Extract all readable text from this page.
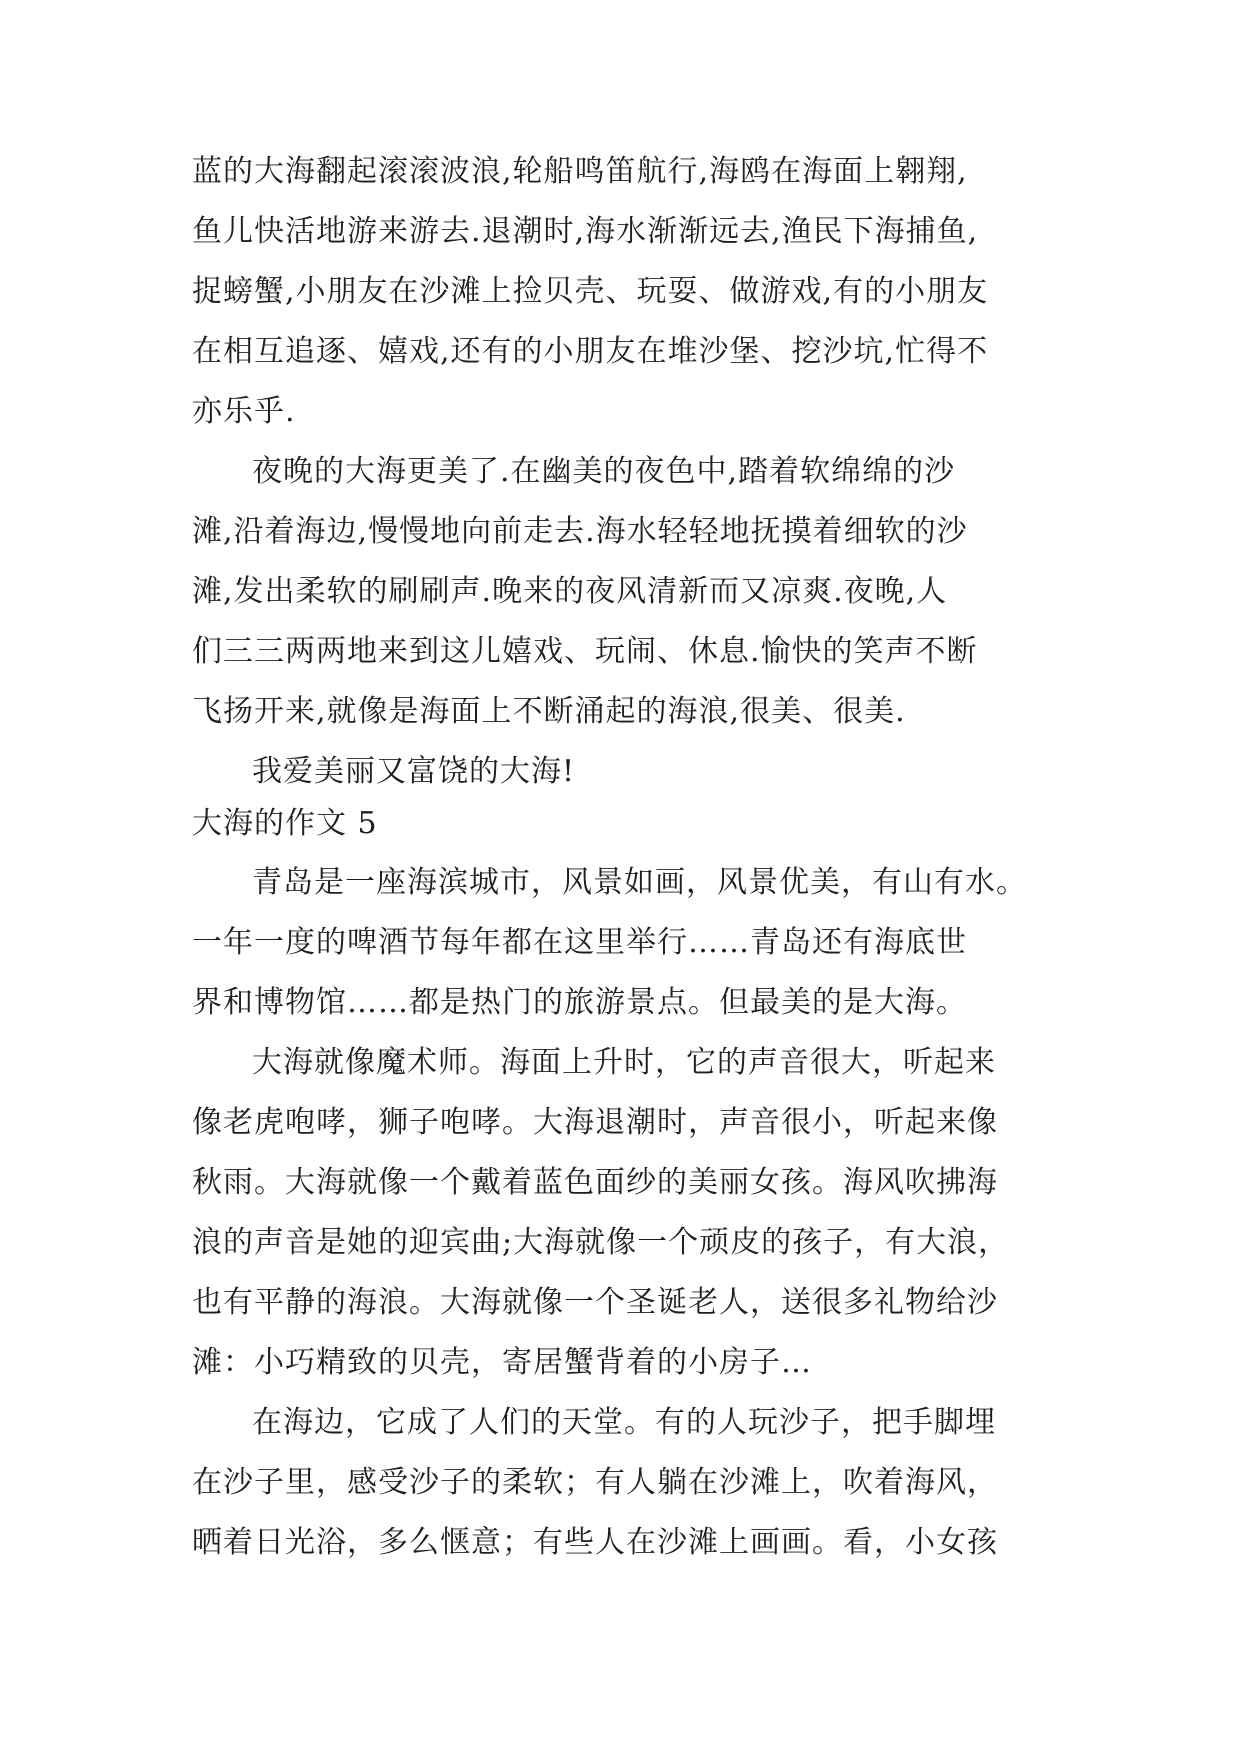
蓝的大海翻起滚滚波浪,轮船鸣笛航行,海鸥在海面上翱翔,
鱼儿快活地游来游去.退潮时,海水渐渐远去,渔民下海捕鱼,
捉螃蟹,小朋友在沙滩上捡贝壳、玩耍、做游戏,有的小朋友
在相互追逐、嬉戏,还有的小朋友在堆沙堡、挖沙坑,忙得不
亦乐乎.
夜晚的大海更美了.在幽美的夜色中,踏着软绵绵的沙
滩,沿着海边,慢慢地向前走去.海水轻轻地抚摸着细软的沙
滩,发出柔软的刷刷声.晚来的夜风清新而又凉爽.夜晚,人
们三三两两地来到这儿嬉戏、玩闹、休息.愉快的笑声不断
飞扬开来,就像是海面上不断涌起的海浪,很美、很美.
我爱美丽又富饶的大海!
大海的作文 5
青岛是一座海滨城市，风景如画，风景优美，有山有水。
一年一度的啤酒节每年都在这里举行……青岛还有海底世
界和博物馆……都是热门的旅游景点。但最美的是大海。
大海就像魔术师。海面上升时，它的声音很大，听起来
像老虎咆哮，狮子咆哮。大海退潮时，声音很小，听起来像
秋雨。大海就像一个戴着蓝色面纱的美丽女孩。海风吹拂海
浪的声音是她的迎宾曲;大海就像一个顽皮的孩子，有大浪，
也有平静的海浪。大海就像一个圣诞老人，送很多礼物给沙
滩：小巧精致的贝壳，寄居蟹背着的小房子…
在海边，它成了人们的天堂。有的人玩沙子，把手脚埋
在沙子里，感受沙子的柔软；有人躺在沙滩上，吹着海风，
晒着日光浴，多么惬意；有些人在沙滩上画画。看，小女孩
